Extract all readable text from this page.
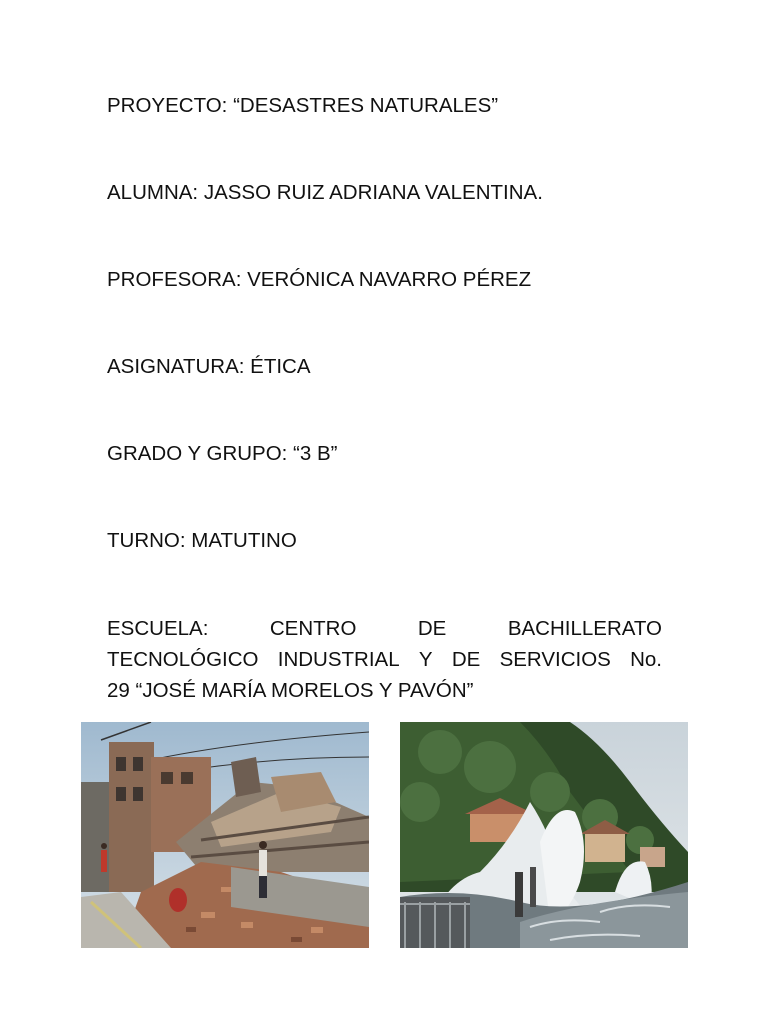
PROYECTO: “DESASTRES NATURALES”
ALUMNA: JASSO RUIZ ADRIANA VALENTINA.
PROFESORA: VERÓNICA NAVARRO PÉREZ
ASIGNATURA: ÉTICA
GRADO Y GRUPO: “3 B”
TURNO: MATUTINO
ESCUELA:	CENTRO	DE	BACHILLERATO
TECNOLÓGICO INDUSTRIAL Y DE SERVICIOS No.
29 “JOSÉ MARÍA MORELOS Y PAVÓN”
